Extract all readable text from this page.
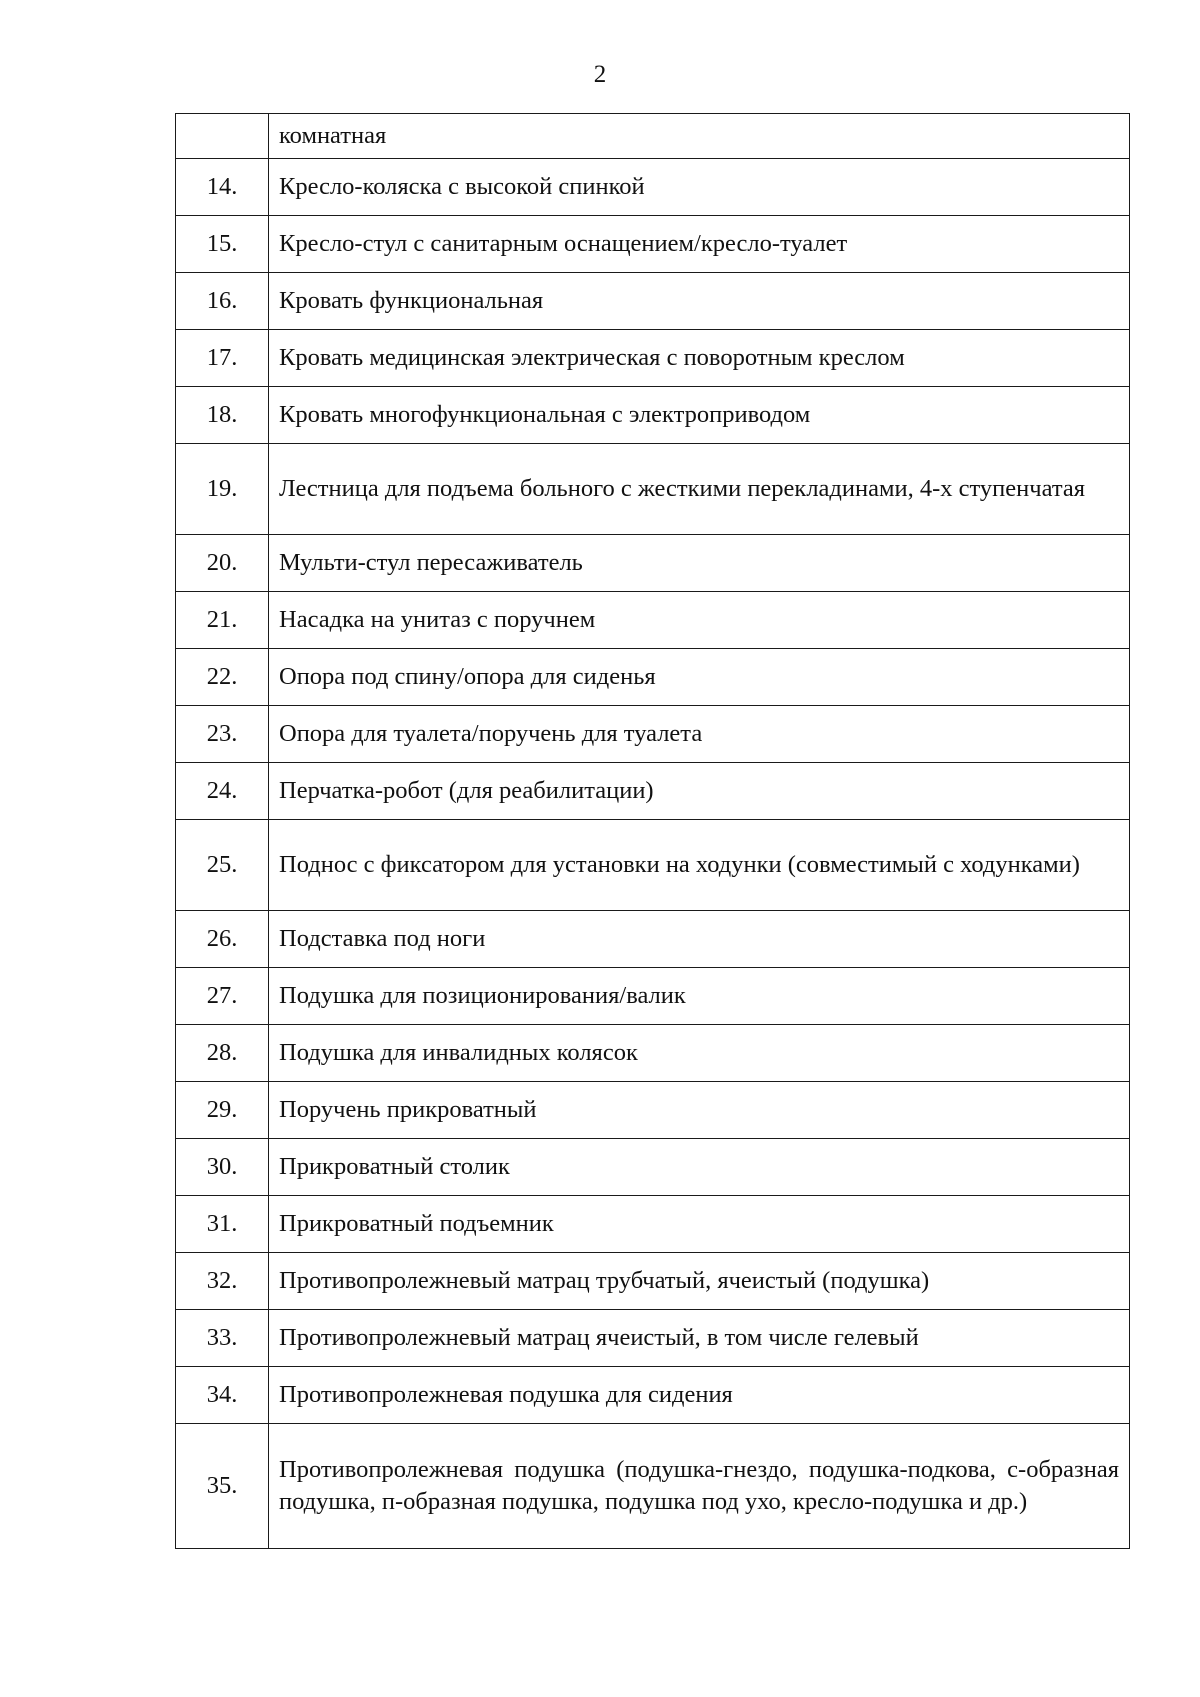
2
	комнатная
14.	Кресло-коляска с высокой спинкой
15.	Кресло-стул с санитарным оснащением/кресло-туалет
16.	Кровать функциональная
17.	Кровать медицинская электрическая с поворотным креслом
18.	Кровать многофункциональная с электроприводом
19.	Лестница для подъема больного с жесткими перекладинами, 4-х ступенчатая
20.	Мульти-стул пересаживатель
21.	Насадка на унитаз с поручнем
22.	Опора под спину/опора для сиденья
23.	Опора для туалета/поручень для туалета
24.	Перчатка-робот (для реабилитации)
25.	Поднос с фиксатором для установки на ходунки (совместимый с ходунками)
26.	Подставка под ноги
27.	Подушка для позиционирования/валик
28.	Подушка для инвалидных колясок
29.	Поручень прикроватный
30.	Прикроватный столик
31.	Прикроватный подъемник
32.	Противопролежневый матрац трубчатый, ячеистый (подушка)
33.	Противопролежневый матрац ячеистый, в том числе гелевый
34.	Противопролежневая подушка для сидения
35.	Противопролежневая подушка (подушка-гнездо, подушка-подкова, с-образная подушка, п-образная подушка, подушка под ухо, кресло-подушка и др.)
